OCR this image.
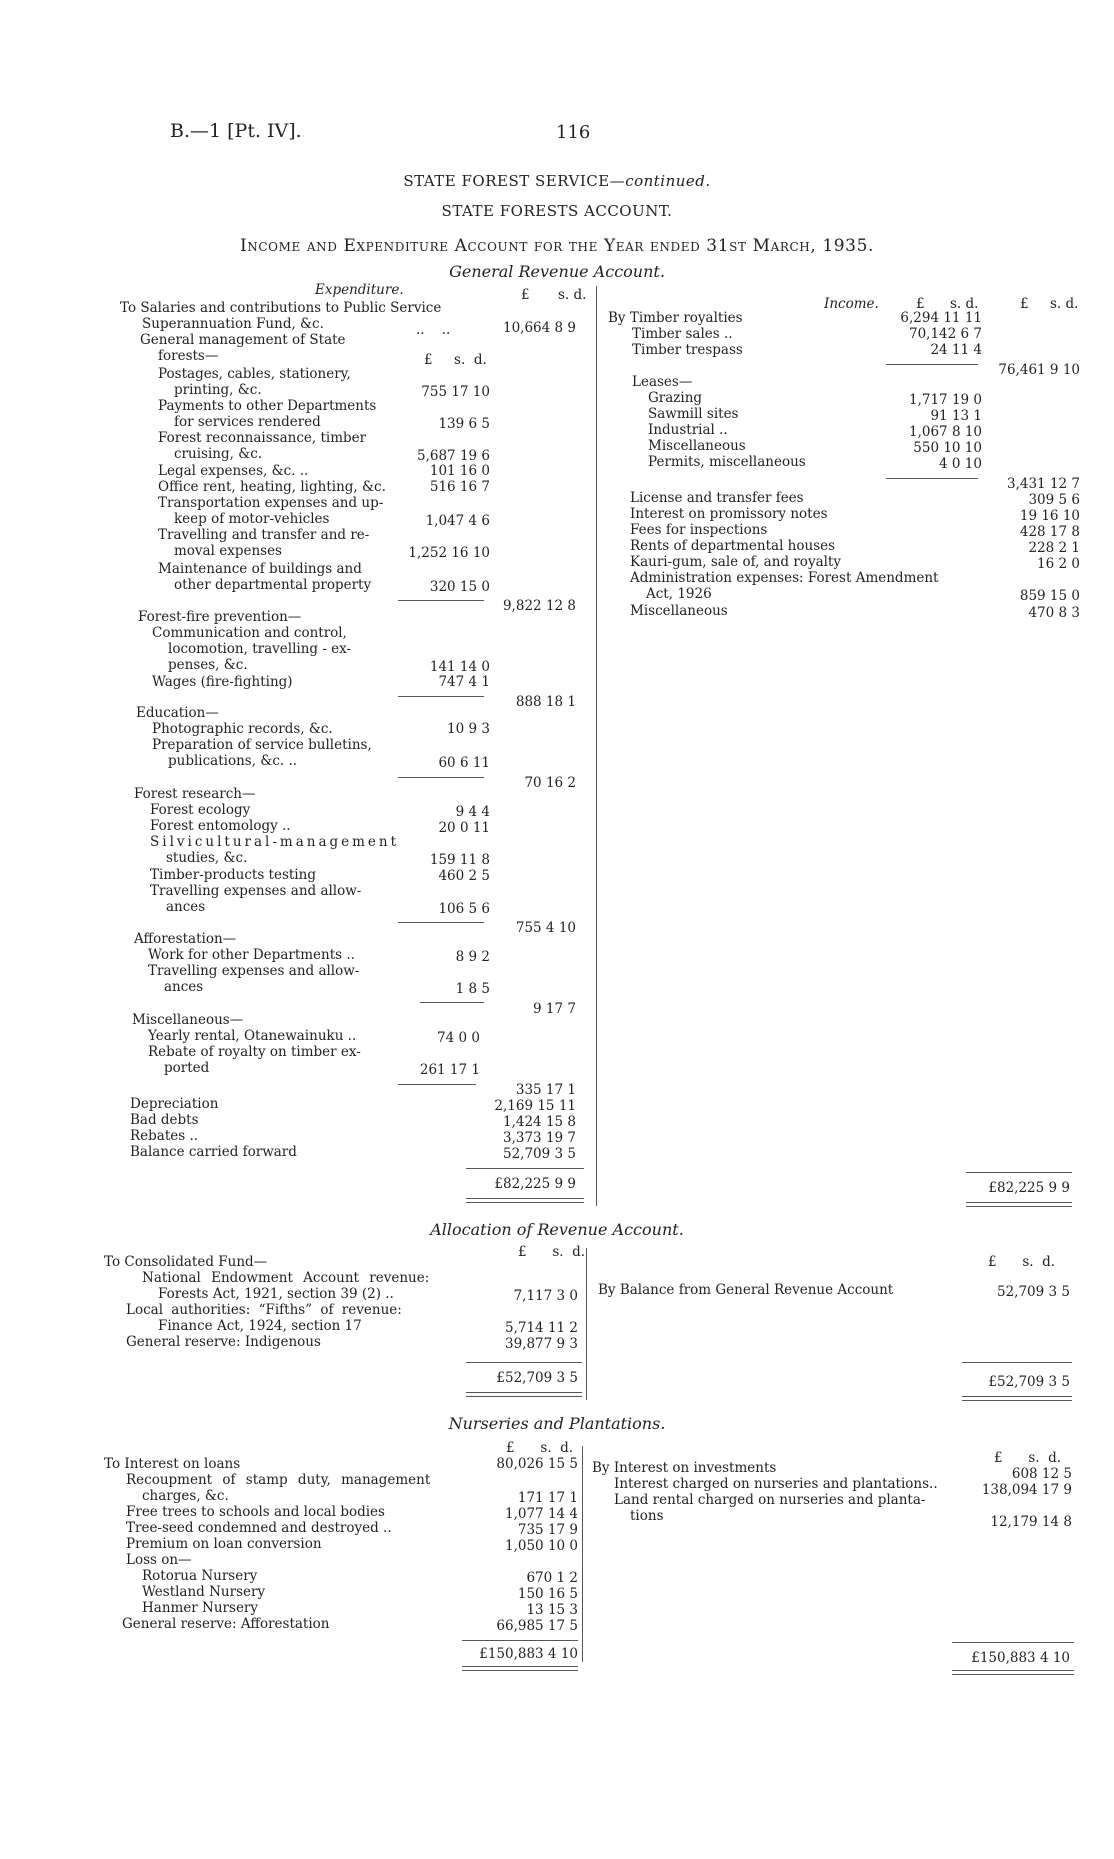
B.—1 [Pt. IV].	116
STATE FOREST SERVICE—continued.
STATE FORESTS ACCOUNT.
Income and Expenditure Account for the Year ended 31st March, 1935.
General Revenue Account.
Expenditure.	£ s. d.
To Salaries and contributions to Public Service
Superannuation Fund, &c.	..    ..	10,664 8 9
General management of State
forests—	£     s.  d.
Postages, cables, stationery,
printing, &c.	755 17 10
Payments to other Departments
for services rendered	139 6 5
Forest reconnaissance, timber
cruising, &c.	5,687 19 6
Legal expenses, &c. ..	101 16 0
Office rent, heating, lighting, &c.	516 16 7
Transportation expenses and up-
keep of motor-vehicles	1,047 4 6
Travelling and transfer and re-
moval expenses	1,252 16 10
Maintenance of buildings and
other departmental property	320 15 0
9,822 12 8
Forest-fire prevention—
Communication and control,
locomotion, travelling - ex-
penses, &c.	141 14 0
Wages (fire-fighting)	747 4 1
888 18 1
Education—
Photographic records, &c.	10 9 3
Preparation of service bulletins,
publications, &c. ..	60 6 11
70 16 2
Forest research—
Forest ecology	9 4 4
Forest entomology ..	20 0 11
Silvicultural-management
studies, &c.	159 11 8
Timber-products testing	460 2 5
Travelling expenses and allow-
ances	106 5 6
755 4 10
Afforestation—
Work for other Departments ..	8 9 2
Travelling expenses and allow-
ances	1 8 5
9 17 7
Miscellaneous—
Yearly rental, Otanewainuku ..	74 0 0
Rebate of royalty on timber ex-
ported	261 17 1
335 17 1
Depreciation	2,169 15 11
Bad debts	1,424 15 8
Rebates ..	3,373 19 7
Balance carried forward	52,709 3 5
£82,225 9 9
Income.	£ s. d.	£ s. d.
By Timber royalties	6,294 11 11
Timber sales ..	70,142 6 7
Timber trespass	24 11 4
76,461 9 10
Leases—
Grazing	1,717 19 0
Sawmill sites	91 13 1
Industrial ..	1,067 8 10
Miscellaneous	550 10 10
Permits, miscellaneous	4 0 10
3,431 12 7
License and transfer fees	309 5 6
Interest on promissory notes	19 16 10
Fees for inspections	428 17 8
Rents of departmental houses	228 2 1
Kauri-gum, sale of, and royalty	16 2 0
Administration expenses: Forest Amendment
Act, 1926	859 15 0
Miscellaneous	470 8 3
£82,225 9 9
Allocation of Revenue Account.
£      s.  d.
£      s.  d.
To Consolidated Fund—
National Endowment Account revenue:
Forests Act, 1921, section 39 (2) ..	7,117 3 0
Local authorities: “Fifths” of revenue:
Finance Act, 1924, section 17	5,714 11 2
General reserve: Indigenous	39,877 9 3
By Balance from General Revenue Account	52,709 3 5
£52,709 3 5	£52,709 3 5
Nurseries and Plantations.
£      s.  d.
£      s.  d.
To Interest on loans	80,026 15 5
Recoupment of stamp duty, management
charges, &c.	171 17 1
Free trees to schools and local bodies	1,077 14 4
Tree-seed condemned and destroyed ..	735 17 9
Premium on loan conversion	1,050 10 0
Loss on—
Rotorua Nursery	670 1 2
Westland Nursery	150 16 5
Hanmer Nursery	13 15 3
General reserve: Afforestation	66,985 17 5
By Interest on investments	608 12 5
Interest charged on nurseries and plantations..	138,094 17 9
Land rental charged on nurseries and planta-
tions	12,179 14 8
£150,883 4 10	£150,883 4 10
